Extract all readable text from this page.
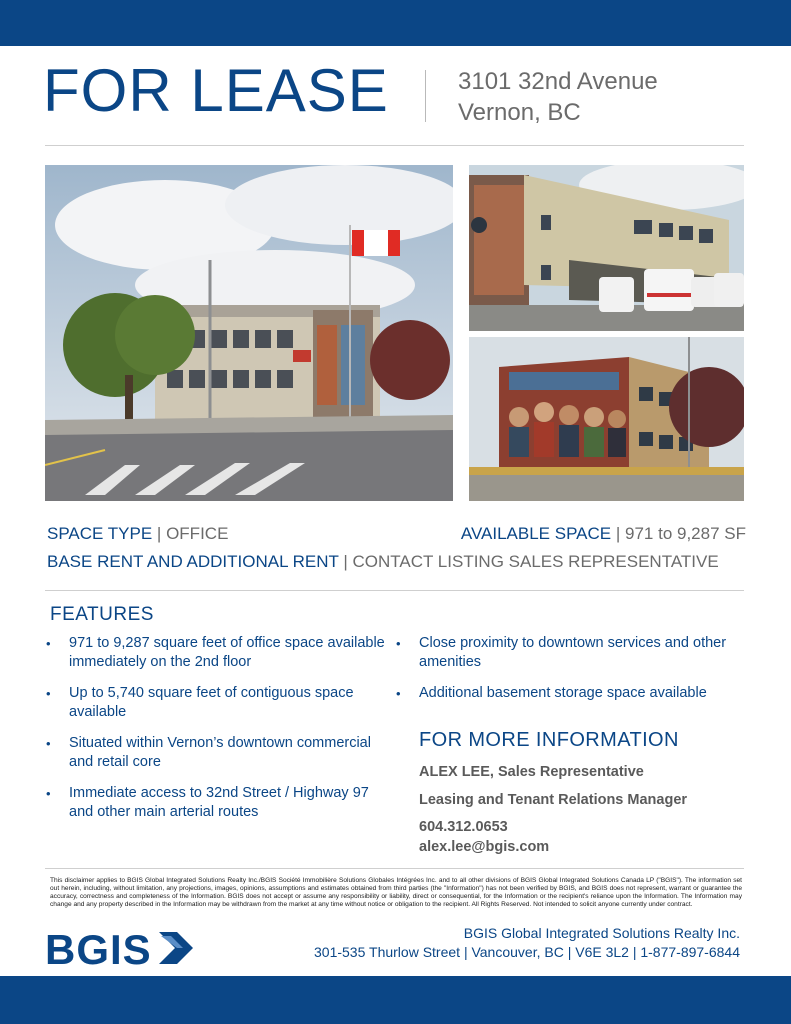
FOR LEASE	3101 32nd Avenue
Vernon, BC
SPACE TYPE | OFFICE	AVAILABLE SPACE | 971 to 9,287 SF
BASE RENT AND ADDITIONAL RENT | CONTACT LISTING SALES REPRESENTATIVE
FEATURES
• 971 to 9,287 square feet of office space available immediately on the 2nd floor
• Up to 5,740 square feet of contiguous space available
• Situated within Vernon’s downtown commercial and retail core
• Immediate access to 32nd Street / Highway 97 and other main arterial routes
• Close proximity to downtown services and other amenities
• Additional basement storage space available
FOR MORE INFORMATION
ALEX LEE, Sales Representative
Leasing and Tenant Relations Manager
604.312.0653
alex.lee@bgis.com
This disclaimer applies to BGIS Global Integrated Solutions Realty Inc./BGIS Société Immobilière Solutions Globales Intégrées Inc. and to all other divisions of BGIS Global Integrated Solutions Canada LP ("BGIS"). The information set out herein, including, without limitation, any projections, images, opinions, assumptions and estimates obtained from third parties (the "Information") has not been verified by BGIS, and BGIS does not represent, warrant or guarantee the accuracy, correctness and completeness of the Information. BGIS does not accept or assume any responsibility or liability, direct or consequential, for the Information or the recipient's reliance upon the Information. The Information may change and any property described in the Information may be withdrawn from the market at any time without notice or obligation to the recipient. All Rights Reserved. Not intended to solicit anyone currently under contract.
BGIS	BGIS Global Integrated Solutions Realty Inc.
301-535 Thurlow Street | Vancouver, BC | V6E 3L2 | 1-877-897-6844
